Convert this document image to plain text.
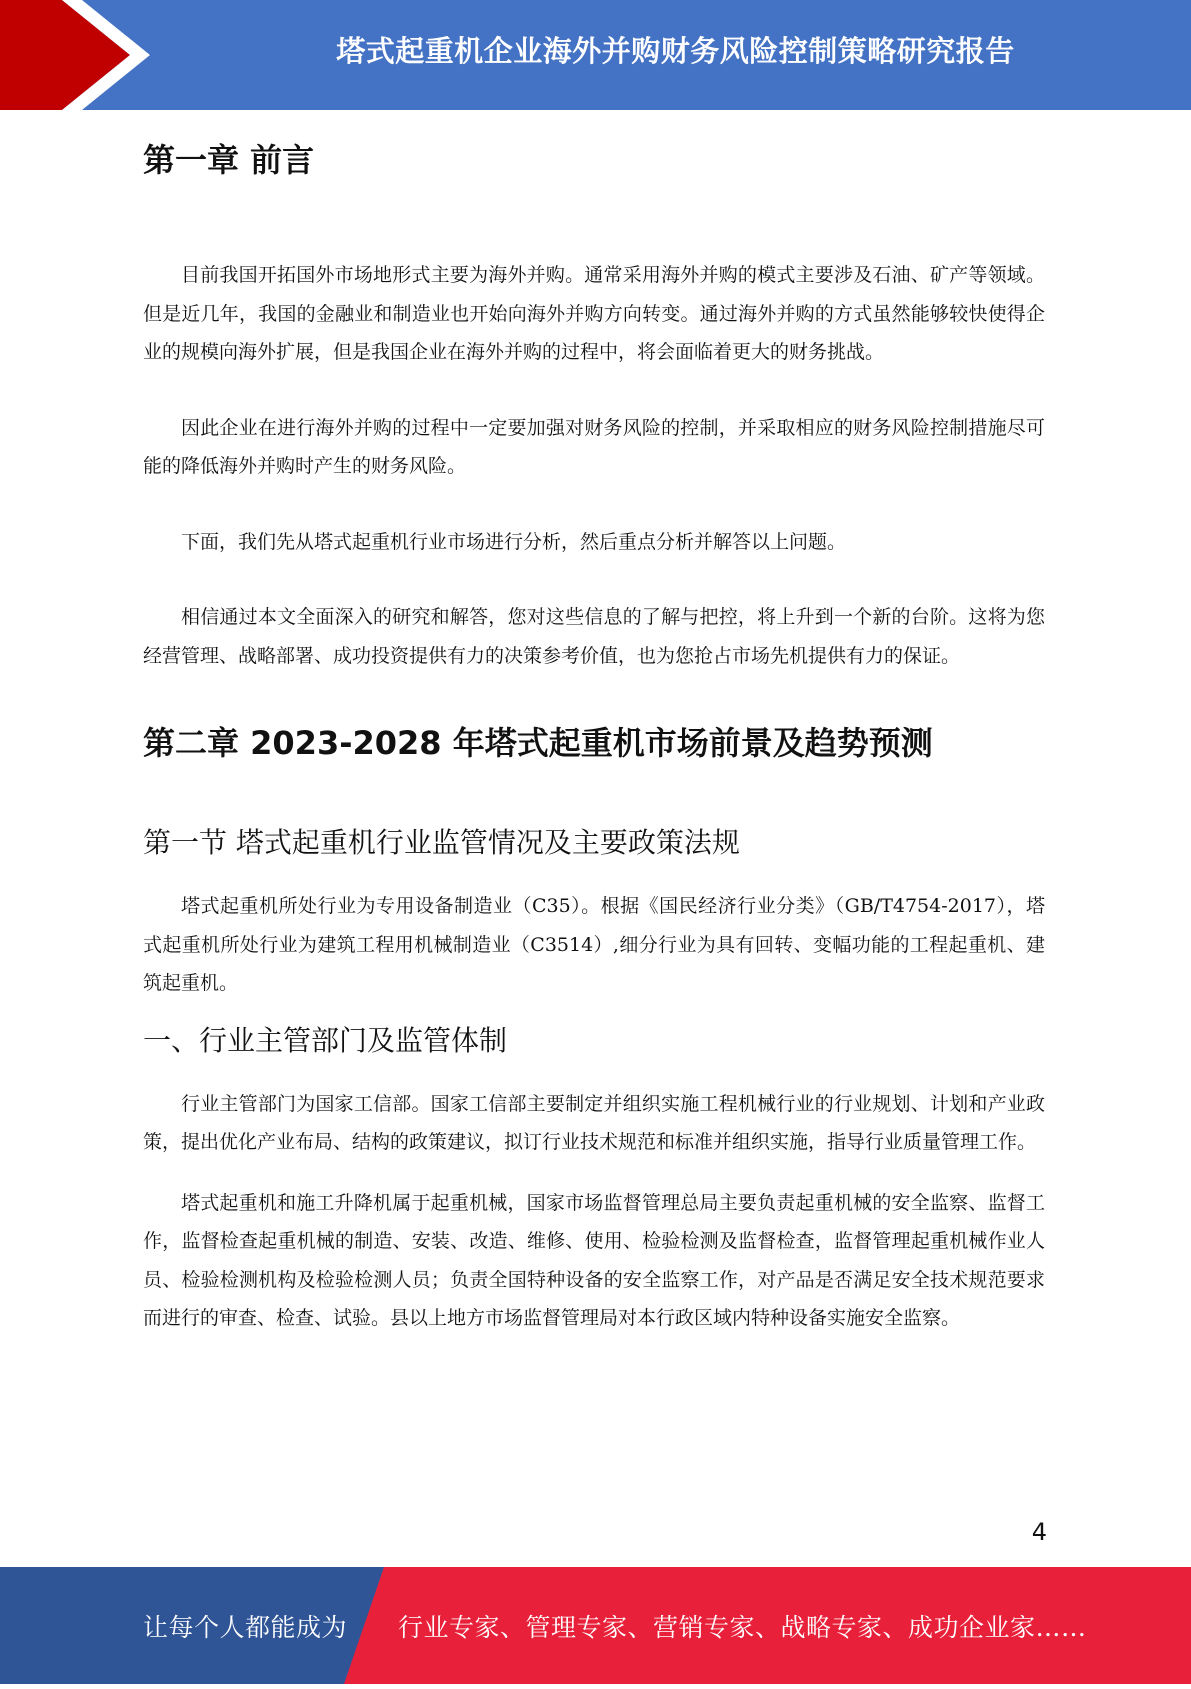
塔式起重机企业海外并购财务风险控制策略研究报告
第一章 前言

目前我国开拓国外市场地形式主要为海外并购。通常采用海外并购的模式主要涉及石油、矿产等领域。但是近几年，我国的金融业和制造业也开始向海外并购方向转变。通过海外并购的方式虽然能够较快使得企业的规模向海外扩展，但是我国企业在海外并购的过程中，将会面临着更大的财务挑战。

因此企业在进行海外并购的过程中一定要加强对财务风险的控制，并采取相应的财务风险控制措施尽可能的降低海外并购时产生的财务风险。

下面，我们先从塔式起重机行业市场进行分析，然后重点分析并解答以上问题。

相信通过本文全面深入的研究和解答，您对这些信息的了解与把控，将上升到一个新的台阶。这将为您经营管理、战略部署、成功投资提供有力的决策参考价值，也为您抢占市场先机提供有力的保证。

第二章 2023-2028 年塔式起重机市场前景及趋势预测
第一节 塔式起重机行业监管情况及主要政策法规

塔式起重机所处行业为专用设备制造业（C35）。根据《国民经济行业分类》（GB/T4754-2017），塔式起重机所处行业为建筑工程用机械制造业（C3514）,细分行业为具有回转、变幅功能的工程起重机、建筑起重机。

一、行业主管部门及监管体制

行业主管部门为国家工信部。国家工信部主要制定并组织实施工程机械行业的行业规划、计划和产业政策，提出优化产业布局、结构的政策建议，拟订行业技术规范和标准并组织实施，指导行业质量管理工作。

塔式起重机和施工升降机属于起重机械，国家市场监督管理总局主要负责起重机械的安全监察、监督工作，监督检查起重机械的制造、安装、改造、维修、使用、检验检测及监督检查，监督管理起重机械作业人员、检验检测机构及检验检测人员；负责全国特种设备的安全监察工作，对产品是否满足安全技术规范要求而进行的审查、检查、试验。县以上地方市场监督管理局对本行政区域内特种设备实施安全监察。

4
让每个人都能成为 行业专家、管理专家、营销专家、战略专家、成功企业家……
